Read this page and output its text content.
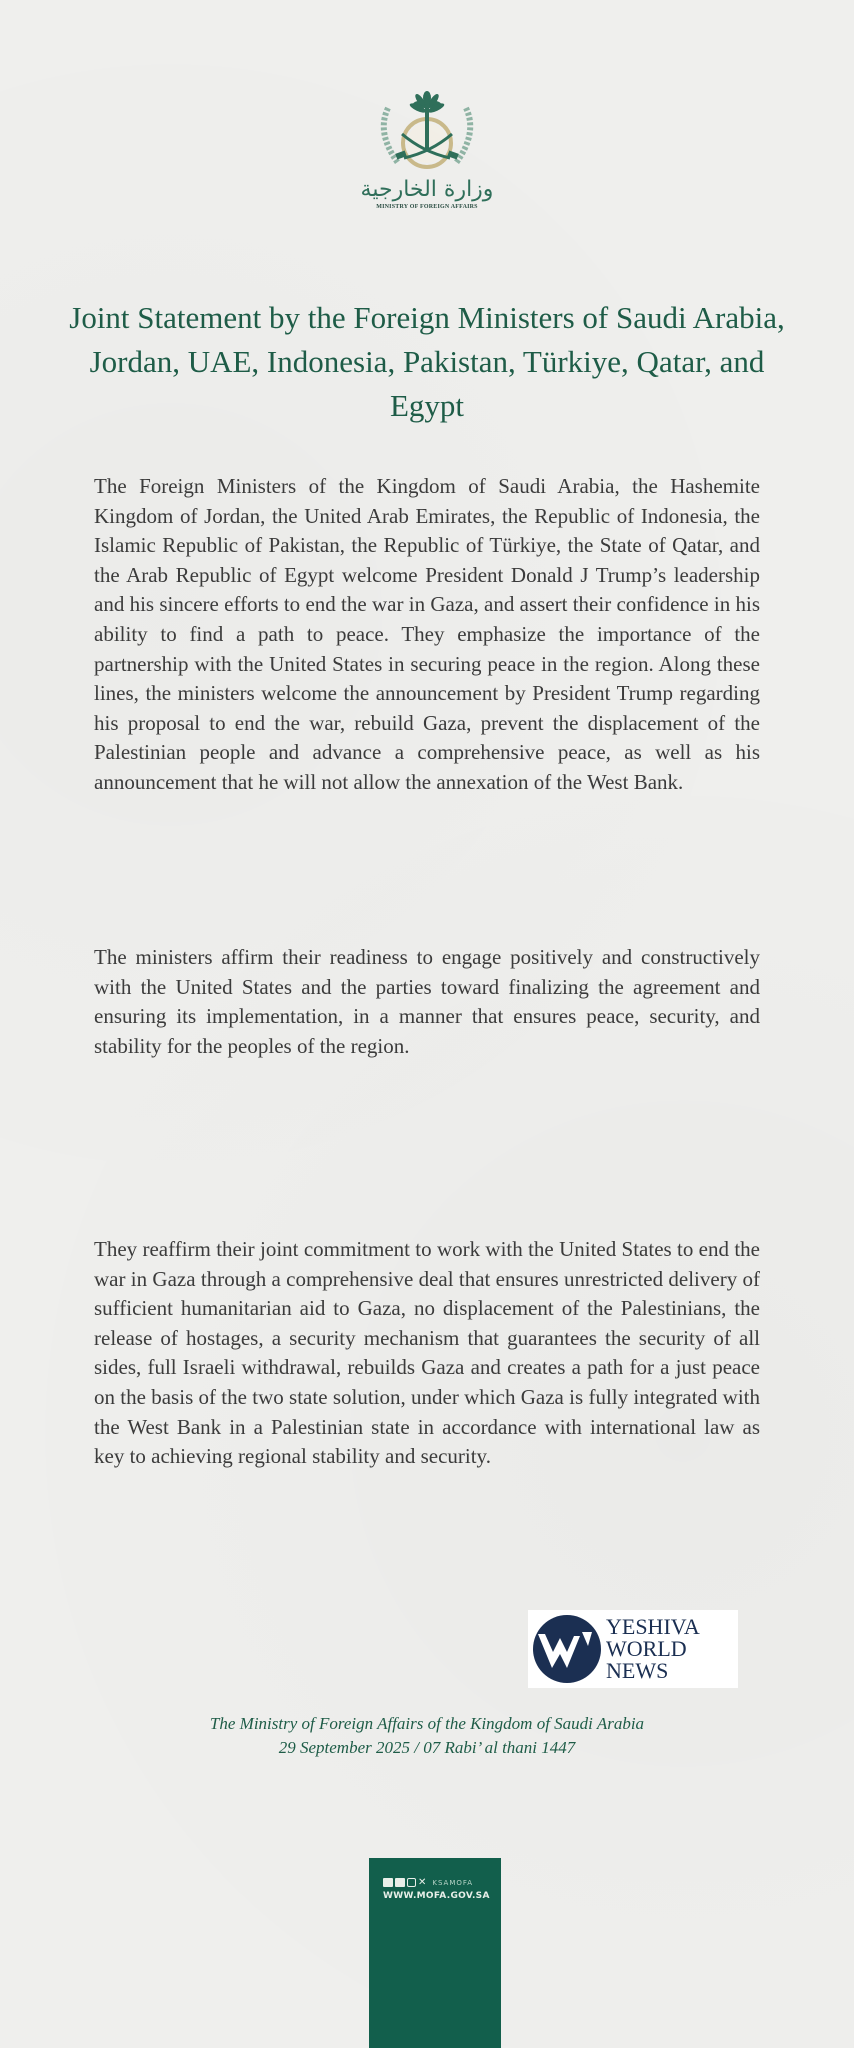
وزارة الخارجية
MINISTRY OF FOREIGN AFFAIRS
Joint Statement by the Foreign Ministers of Saudi Arabia, Jordan, UAE, Indonesia, Pakistan, Türkiye, Qatar, and Egypt

The Foreign Ministers of the Kingdom of Saudi Arabia, the Hashemite Kingdom of Jordan, the United Arab Emirates, the Republic of Indonesia, the Islamic Republic of Pakistan, the Republic of Türkiye, the State of Qatar, and the Arab Republic of Egypt welcome President Donald J Trump’s leadership and his sincere efforts to end the war in Gaza, and assert their confidence in his ability to find a path to peace. They emphasize the importance of the partnership with the United States in securing peace in the region. Along these lines, the ministers welcome the announcement by President Trump regarding his proposal to end the war, rebuild Gaza, prevent the displacement of the Palestinian people and advance a comprehensive peace, as well as his announcement that he will not allow the annexation of the West Bank.

The ministers affirm their readiness to engage positively and constructively with the United States and the parties toward finalizing the agreement and ensuring its implementation, in a manner that ensures peace, security, and stability for the peoples of the region.

They reaffirm their joint commitment to work with the United States to end the war in Gaza through a comprehensive deal that ensures unrestricted delivery of sufficient humanitarian aid to Gaza, no displacement of the Palestinians, the release of hostages, a security mechanism that guarantees the security of all sides, full Israeli withdrawal, rebuilds Gaza and creates a path for a just peace on the basis of the two state solution, under which Gaza is fully integrated with the West Bank in a Palestinian state in accordance with international law as key to achieving regional stability and security.

YESHIVA
WORLD
NEWS
The Ministry of Foreign Affairs of the Kingdom of Saudi Arabia
29 September 2025 / 07 Rabi’ al thani 1447
✕ KSAMOFA
WWW.MOFA.GOV.SA
